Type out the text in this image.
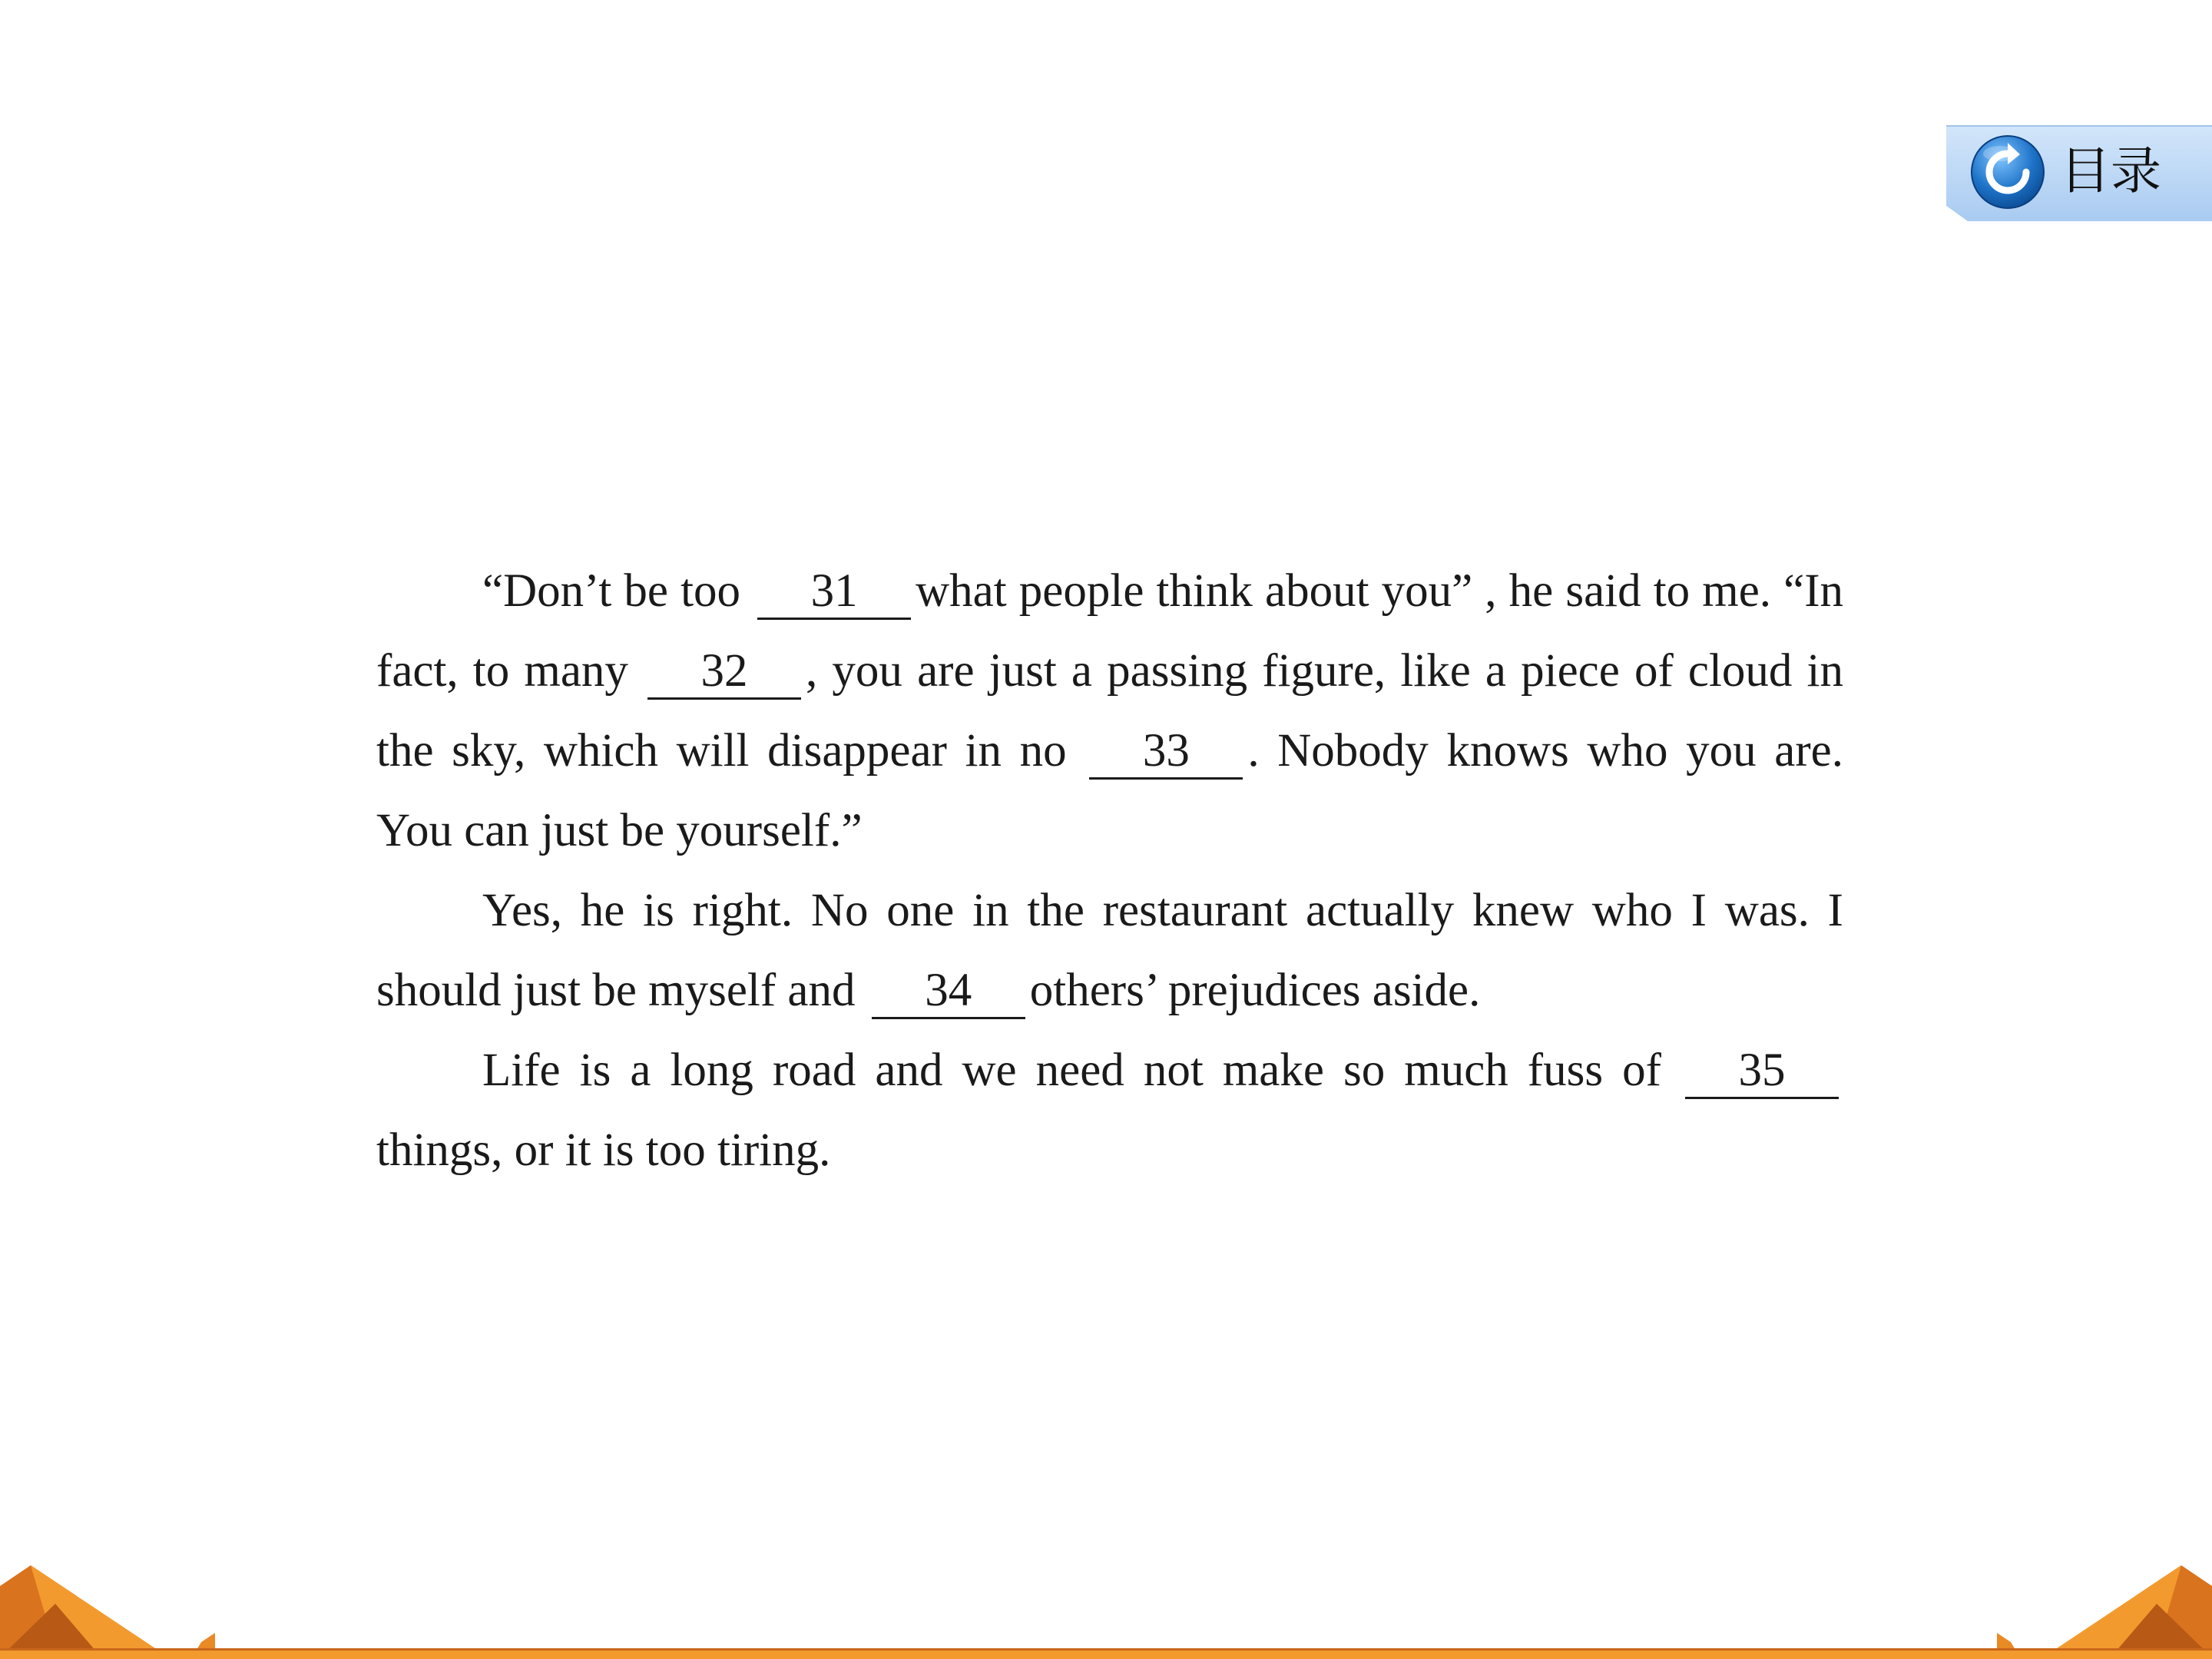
目录

“Don’t be too 31 what people think about you” , he said to me. “In fact, to many 32 , you are just a passing figure, like a piece of cloud in the sky, which will disappear in no 33 . Nobody knows who you are. You can just be yourself.”

Yes, he is right. No one in the restaurant actually knew who I was. I should just be myself and 34 others’ prejudices aside.

Life is a long road and we need not make so much fuss of 35things, or it is too tiring.
